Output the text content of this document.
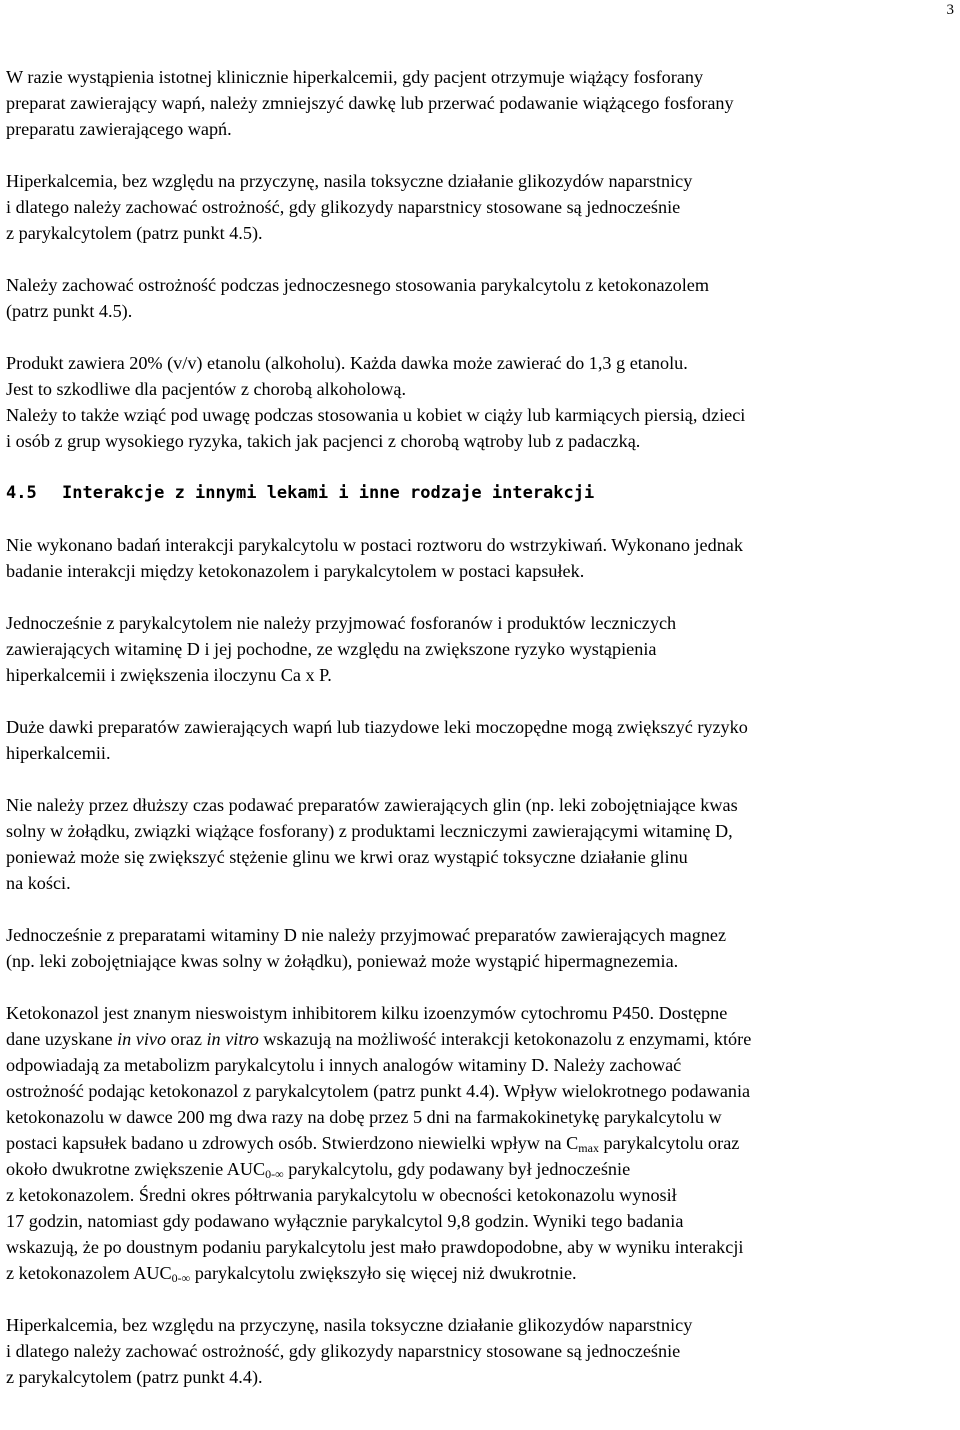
3

W razie wystąpienia istotnej klinicznie hiperkalcemii, gdy pacjent otrzymuje wiążący fosforany
preparat zawierający wapń, należy zmniejszyć dawkę lub przerwać podawanie wiążącego fosforany
preparatu zawierającego wapń.

Hiperkalcemia, bez względu na przyczynę, nasila toksyczne działanie glikozydów naparstnicy
i dlatego należy zachować ostrożność, gdy glikozydy naparstnicy stosowane są jednocześnie
z parykalcytolem (patrz punkt 4.5).

Należy zachować ostrożność podczas jednoczesnego stosowania parykalcytolu z ketokonazolem
(patrz punkt 4.5).

Produkt zawiera 20% (v/v) etanolu (alkoholu). Każda dawka może zawierać do 1,3 g etanolu.
Jest to szkodliwe dla pacjentów z chorobą alkoholową.
Należy to także wziąć pod uwagę podczas stosowania u kobiet w ciąży lub karmiących piersią, dzieci
i osób z grup wysokiego ryzyka, takich jak pacjenci z chorobą wątroby lub z padaczką.

4.5 Interakcje z innymi lekami i inne rodzaje interakcji

Nie wykonano badań interakcji parykalcytolu w postaci roztworu do wstrzykiwań. Wykonano jednak
badanie interakcji między ketokonazolem i parykalcytolem w postaci kapsułek.

Jednocześnie z parykalcytolem nie należy przyjmować fosforanów i produktów leczniczych
zawierających witaminę D i jej pochodne, ze względu na zwiększone ryzyko wystąpienia
hiperkalcemii i zwiększenia iloczynu Ca x P.

Duże dawki preparatów zawierających wapń lub tiazydowe leki moczopędne mogą zwiększyć ryzyko
hiperkalcemii.

Nie należy przez dłuższy czas podawać preparatów zawierających glin (np. leki zobojętniające kwas
solny w żołądku, związki wiążące fosforany) z produktami leczniczymi zawierającymi witaminę D,
ponieważ może się zwiększyć stężenie glinu we krwi oraz wystąpić toksyczne działanie glinu
na kości.

Jednocześnie z preparatami witaminy D nie należy przyjmować preparatów zawierających magnez
(np. leki zobojętniające kwas solny w żołądku), ponieważ może wystąpić hipermagnezemia.

Ketokonazol jest znanym nieswoistym inhibitorem kilku izoenzymów cytochromu P450. Dostępne
dane uzyskane in vivo oraz in vitro wskazują na możliwość interakcji ketokonazolu z enzymami, które
odpowiadają za metabolizm parykalcytolu i innych analogów witaminy D. Należy zachować
ostrożność podając ketokonazol z parykalcytolem (patrz punkt 4.4). Wpływ wielokrotnego podawania
ketokonazolu w dawce 200 mg dwa razy na dobę przez 5 dni na farmakokinetykę parykalcytolu w
postaci kapsułek badano u zdrowych osób. Stwierdzono niewielki wpływ na $C_{max}$ parykalcytolu oraz
około dwukrotne zwiększenie $AUC_{0-\infty}$ parykalcytolu, gdy podawany był jednocześnie
z ketokonazolem. Średni okres półtrwania parykalcytolu w obecności ketokonazolu wynosił
17 godzin, natomiast gdy podawano wyłącznie parykalcytol 9,8 godzin. Wyniki tego badania
wskazują, że po doustnym podaniu parykalcytolu jest mało prawdopodobne, aby w wyniku interakcji
z ketokonazolem $AUC_{0-\infty}$ parykalcytolu zwiększyło się więcej niż dwukrotnie.

Hiperkalcemia, bez względu na przyczynę, nasila toksyczne działanie glikozydów naparstnicy
i dlatego należy zachować ostrożność, gdy glikozydy naparstnicy stosowane są jednocześnie
z parykalcytolem (patrz punkt 4.4).
